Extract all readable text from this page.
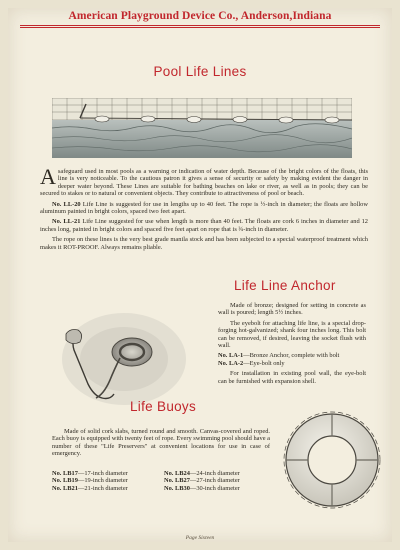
American Playground Device Co., Anderson,Indiana
Pool Life Lines

Asafeguard used in most pools as a warning or indication of water depth. Because of the bright colors of the floats, this line is very noticeable. To the cautious patron it gives a sense of security or safety by making evident the danger in deeper water beyond. These Lines are suitable for bathing beaches on lake or river, as well as in pools; they can be secured to stakes or to natural or convenient objects. They contribute to attractiveness of pool or beach.

No. LL-20 Life Line is suggested for use in lengths up to 40 feet. The rope is ½-inch in diameter; the floats are hollow aluminum painted in bright colors, spaced two feet apart.

No. LL-21 Life Line suggested for use when length is more than 40 feet. The floats are cork 6 inches in diameter and 12 inches long, painted in bright colors and spaced five feet apart on rope that is ¾-inch in diameter.

The rope on these lines is the very best grade manila stock and has been subjected to a special waterproof treatment which makes it ROT-PROOF. Always remains pliable.

Life Line Anchor

Made of bronze; designed for setting in concrete as wall is poured; length 5½ inches.

The eyebolt for attaching life line, is a special drop-forging hot-galvanized; shank four inches long. This bolt can be removed, if desired, leaving the socket flush with wall.

No. LA-1—Bronze Anchor, complete with bolt

No. LA-2—Eye-bolt only

For installation in existing pool wall, the eye-bolt can be furnished with expansion shell.

Life Buoys

Made of solid cork slabs, turned round and smooth. Canvas-covered and roped. Each buoy is equipped with twenty feet of rope. Every swimming pool should have a number of these "Life Preservers" at convenient locations for use in case of emergency.

No. LB17—17-inch diameter
No. LB19—19-inch diameter
No. LB21—21-inch diameter
No. LB24—24-inch diameter
No. LB27—27-inch diameter
No. LB30—30-inch diameter
Page Sixteen
